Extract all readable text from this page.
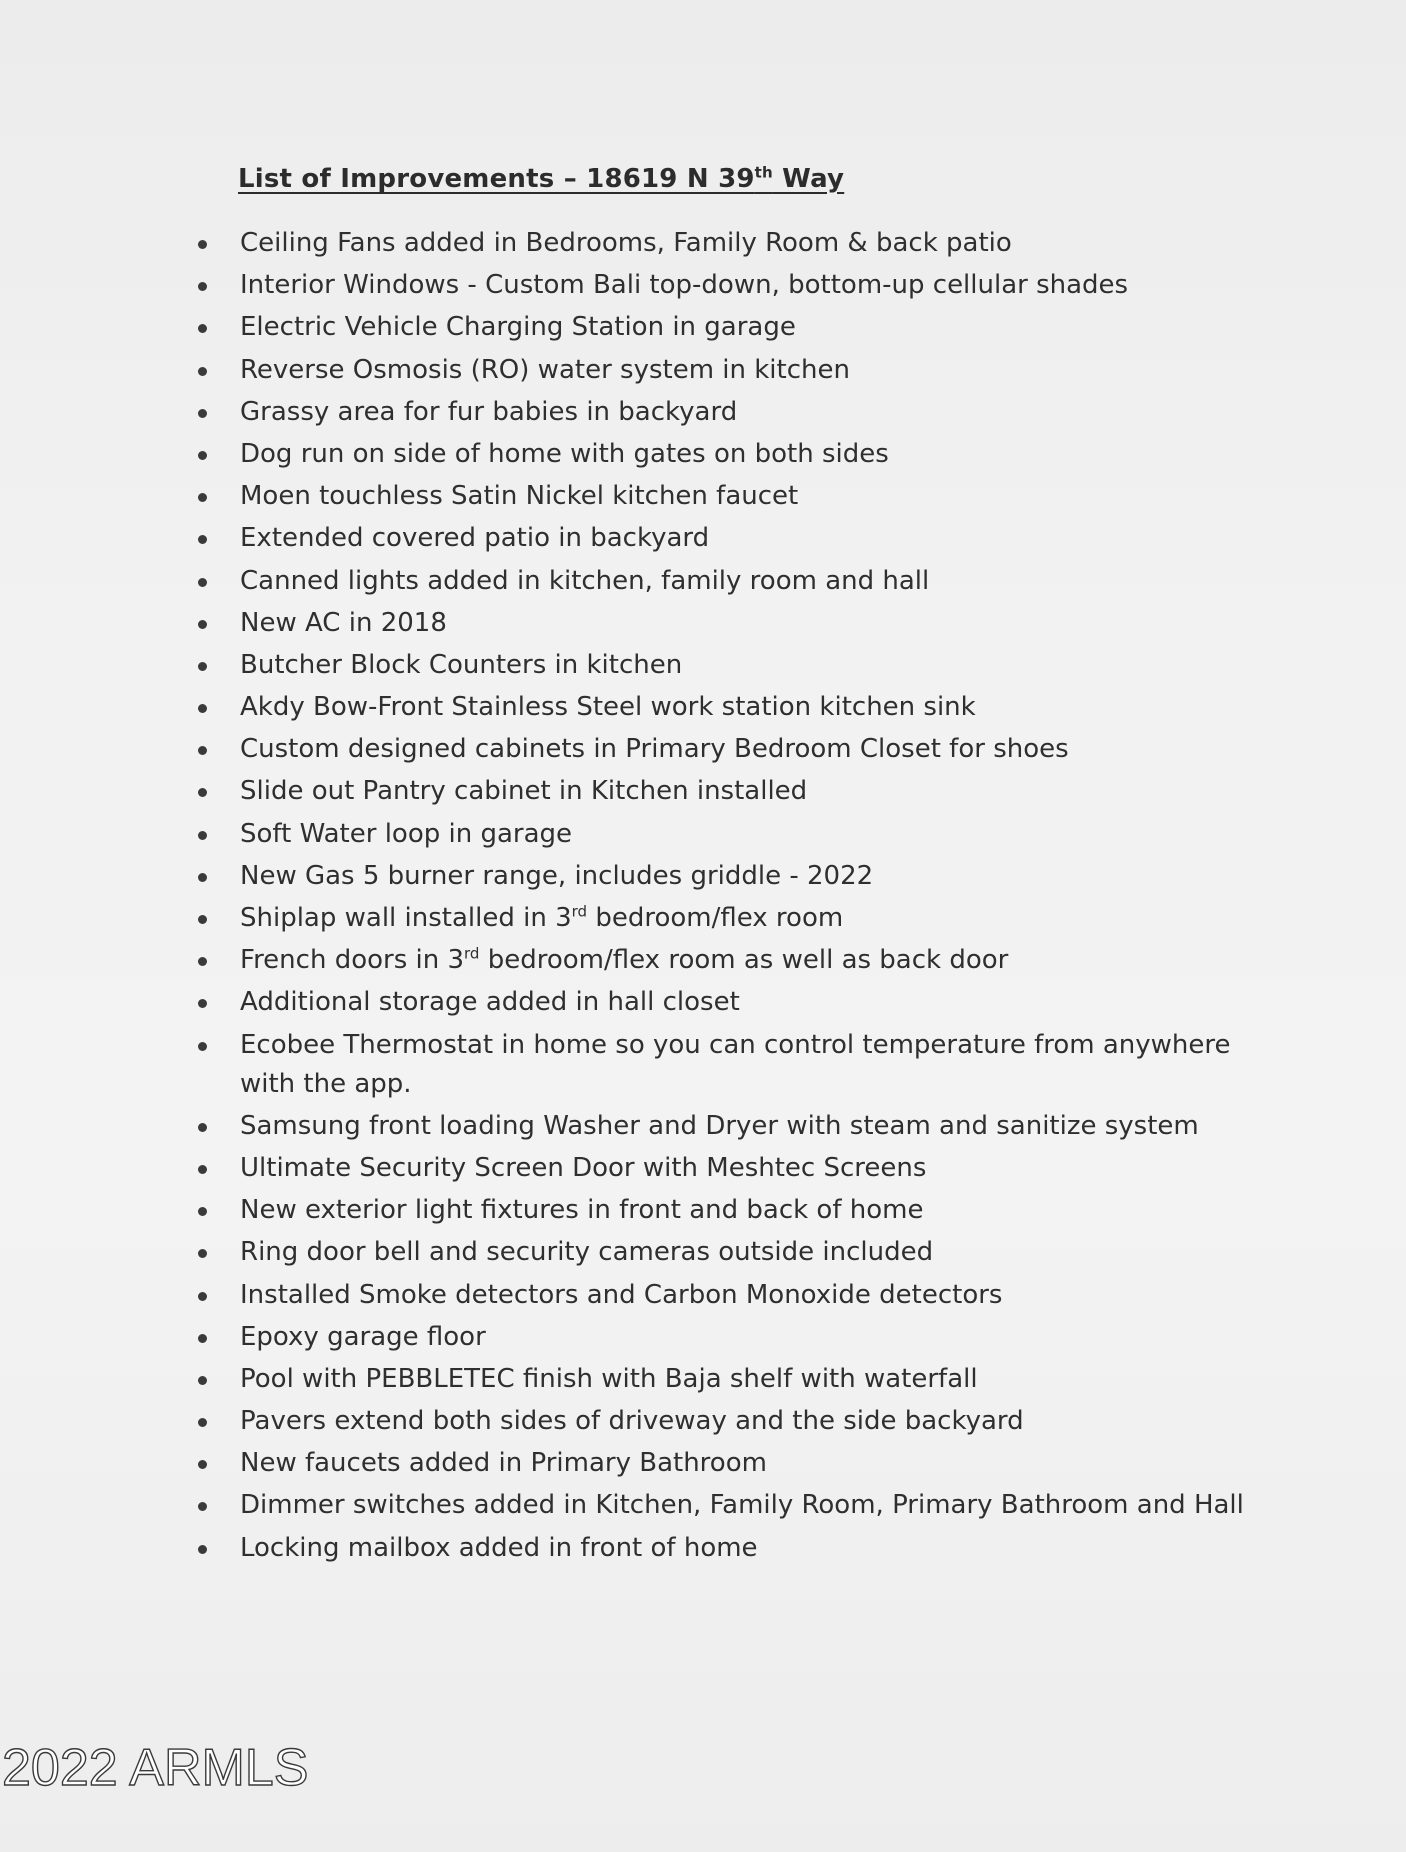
List of Improvements – 18619 N 39th Way
Ceiling Fans added in Bedrooms, Family Room & back patio
Interior Windows - Custom Bali top-down, bottom-up cellular shades
Electric Vehicle Charging Station in garage
Reverse Osmosis (RO) water system in kitchen
Grassy area for fur babies in backyard
Dog run on side of home with gates on both sides
Moen touchless Satin Nickel kitchen faucet
Extended covered patio in backyard
Canned lights added in kitchen, family room and hall
New AC in 2018
Butcher Block Counters in kitchen
Akdy Bow-Front Stainless Steel work station kitchen sink
Custom designed cabinets in Primary Bedroom Closet for shoes
Slide out Pantry cabinet in Kitchen installed
Soft Water loop in garage
New Gas 5 burner range, includes griddle - 2022
Shiplap wall installed in 3rd bedroom/flex room
French doors in 3rd bedroom/flex room as well as back door
Additional storage added in hall closet
Ecobee Thermostat in home so you can control temperature from anywhere with the app.
Samsung front loading Washer and Dryer with steam and sanitize system
Ultimate Security Screen Door with Meshtec Screens
New exterior light fixtures in front and back of home
Ring door bell and security cameras outside included
Installed Smoke detectors and Carbon Monoxide detectors
Epoxy garage floor
Pool with PEBBLETEC finish with Baja shelf with waterfall
Pavers extend both sides of driveway and the side backyard
New faucets added in Primary Bathroom
Dimmer switches added in Kitchen, Family Room, Primary Bathroom and Hall
Locking mailbox added in front of home
2022 ARMLS
